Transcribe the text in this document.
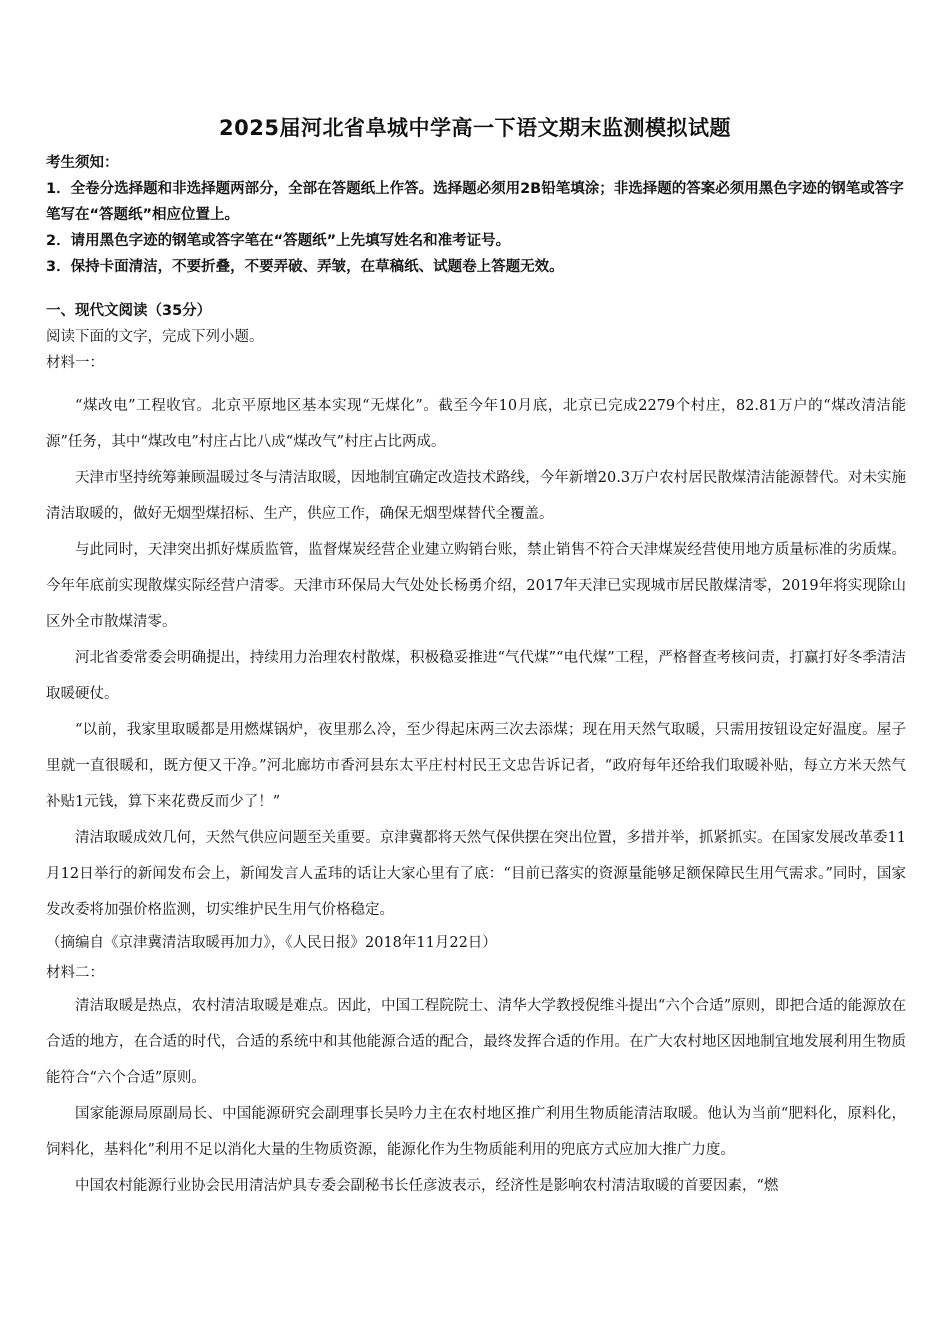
2025届河北省阜城中学高一下语文期末监测模拟试题

考生须知：

1．全卷分选择题和非选择题两部分，全部在答题纸上作答。选择题必须用2B铅笔填涂；非选择题的答案必须用黑色字迹的钢笔或答字笔写在“答题纸”相应位置上。

2．请用黑色字迹的钢笔或答字笔在“答题纸”上先填写姓名和准考证号。

3．保持卡面清洁，不要折叠，不要弄破、弄皱，在草稿纸、试题卷上答题无效。

一、现代文阅读（35分）

阅读下面的文字，完成下列小题。

材料一：

“煤改电”工程收官。北京平原地区基本实现“无煤化”。截至今年10月底，北京已完成2279个村庄，82.81万户的“煤改清洁能源”任务，其中“煤改电”村庄占比八成“煤改气”村庄占比两成。

天津市坚持统筹兼顾温暖过冬与清洁取暖，因地制宜确定改造技术路线，今年新增20.3万户农村居民散煤清洁能源替代。对未实施清洁取暖的，做好无烟型煤招标、生产，供应工作，确保无烟型煤替代全覆盖。

与此同时，天津突出抓好煤质监管，监督煤炭经营企业建立购销台账，禁止销售不符合天津煤炭经营使用地方质量标准的劣质煤。今年年底前实现散煤实际经营户清零。天津市环保局大气处处长杨勇介绍，2017年天津已实现城市居民散煤清零，2019年将实现除山区外全市散煤清零。

河北省委常委会明确提出，持续用力治理农村散煤，积极稳妥推进“气代煤”“电代煤”工程，严格督查考核问责，打赢打好冬季清洁取暖硬仗。

“以前，我家里取暖都是用燃煤锅炉，夜里那么冷，至少得起床两三次去添煤；现在用天然气取暖，只需用按钮设定好温度。屋子里就一直很暖和，既方便又干净。”河北廊坊市香河县东太平庄村村民王文忠告诉记者，“政府每年还给我们取暖补贴，每立方米天然气补贴1元钱，算下来花费反而少了！”

清洁取暖成效几何，天然气供应问题至关重要。京津冀都将天然气保供摆在突出位置，多措并举，抓紧抓实。在国家发展改革委11月12日举行的新闻发布会上，新闻发言人孟玮的话让大家心里有了底：“目前已落实的资源量能够足额保障民生用气需求。”同时，国家发改委将加强价格监测，切实维护民生用气价格稳定。

（摘编自《京津冀清洁取暖再加力》，《人民日报》2018年11月22日）

材料二：

清洁取暖是热点，农村清洁取暖是难点。因此，中国工程院院士、清华大学教授倪维斗提出“六个合适”原则，即把合适的能源放在合适的地方，在合适的时代，合适的系统中和其他能源合适的配合，最终发挥合适的作用。在广大农村地区因地制宜地发展利用生物质能符合“六个合适”原则。

国家能源局原副局长、中国能源研究会副理事长吴吟力主在农村地区推广利用生物质能清洁取暖。他认为当前“肥料化，原料化，饲料化，基料化”利用不足以消化大量的生物质资源，能源化作为生物质能利用的兜底方式应加大推广力度。

中国农村能源行业协会民用清洁炉具专委会副秘书长任彦波表示，经济性是影响农村清洁取暖的首要因素，“燃
